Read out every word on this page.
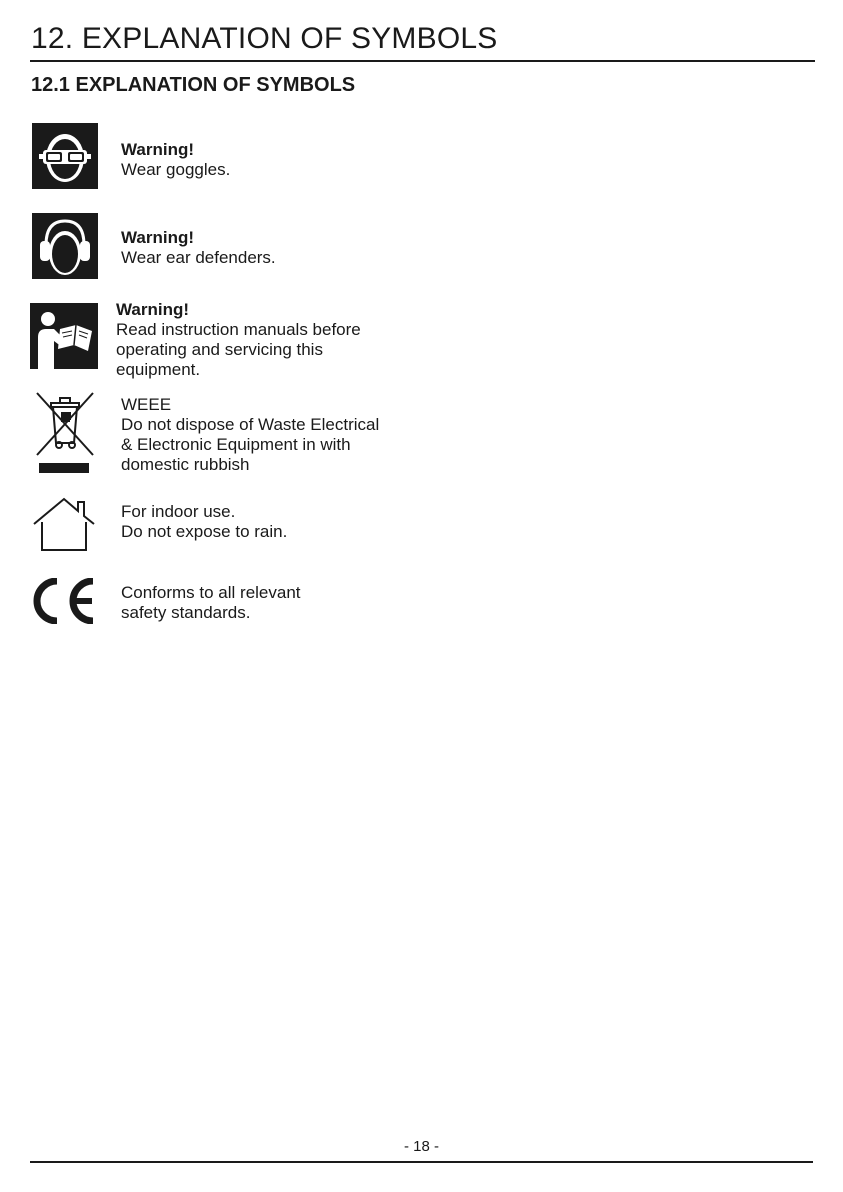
12. EXPLANATION OF SYMBOLS
12.1 EXPLANATION OF SYMBOLS
Warning!
Wear goggles.
Warning!
Wear ear defenders.
Warning!
Read instruction manuals before
operating and servicing this
equipment.
WEEE
Do not dispose of Waste Electrical
& Electronic Equipment in with
domestic rubbish
For indoor use.
Do not expose to rain.
Conforms to all relevant
safety standards.
- 18 -
